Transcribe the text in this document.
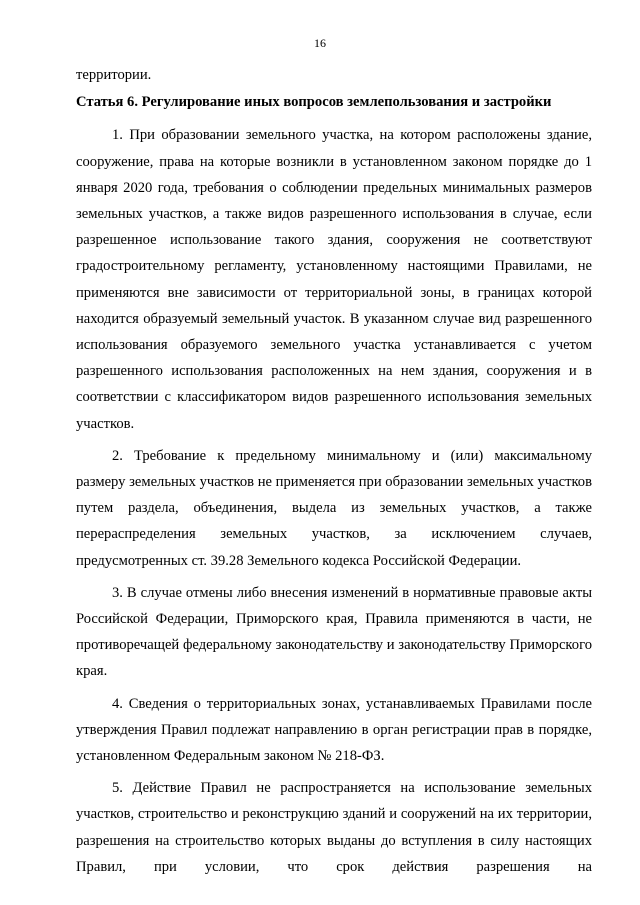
16

территории.

Статья 6. Регулирование иных вопросов землепользования и застройки

1. При образовании земельного участка, на котором расположены здание, сооружение, права на которые возникли в установленном законом порядке до 1 января 2020 года, требования о соблюдении предельных минимальных размеров земельных участков, а также видов разрешенного использования в случае, если разрешенное использование такого здания, сооружения не соответствуют градостроительному регламенту, установленному настоящими Правилами, не применяются вне зависимости от территориальной зоны, в границах которой находится образуемый земельный участок. В указанном случае вид разрешенного использования образуемого земельного участка устанавливается с учетом разрешенного использования расположенных на нем здания, сооружения и в соответствии с классификатором видов разрешенного использования земельных участков.

2. Требование к предельному минимальному и (или) максимальному размеру земельных участков не применяется при образовании земельных участков путем раздела, объединения, выдела из земельных участков, а также перераспределения земельных участков, за исключением случаев, предусмотренных ст. 39.28 Земельного кодекса Российской Федерации.

3. В случае отмены либо внесения изменений в нормативные правовые акты Российской Федерации, Приморского края, Правила применяются в части, не противоречащей федеральному законодательству и законодательству Приморского края.

4. Сведения о территориальных зонах, устанавливаемых Правилами после утверждения Правил подлежат направлению в орган регистрации прав в порядке, установленном Федеральным законом № 218-ФЗ.

5. Действие Правил не распространяется на использование земельных участков, строительство и реконструкцию зданий и сооружений на их территории, разрешения на строительство которых выданы до вступления в силу настоящих Правил, при условии, что срок действия разрешения на
